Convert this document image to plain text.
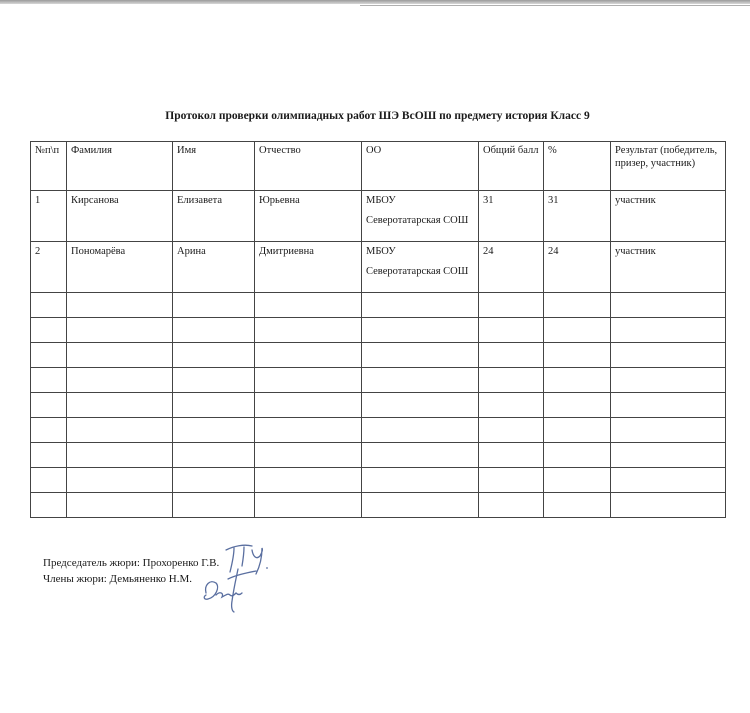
Протокол проверки олимпиадных работ ШЭ ВсОШ по предмету история Класс 9
№п\п	Фамилия	Имя	Отчество	ОО	Общий балл	%	Результат (победитель, призер, участник)
1	Кирсанова	Елизавета	Юрьевна	МБОУ
Северотатарская СОШ	31	31	участник
2	Пономарёва	Арина	Дмитриевна	МБОУ
Северотатарская СОШ	24	24	участник

Председатель жюри: Прохоренко Г.В.
Члены жюри: Демьяненко Н.М.
